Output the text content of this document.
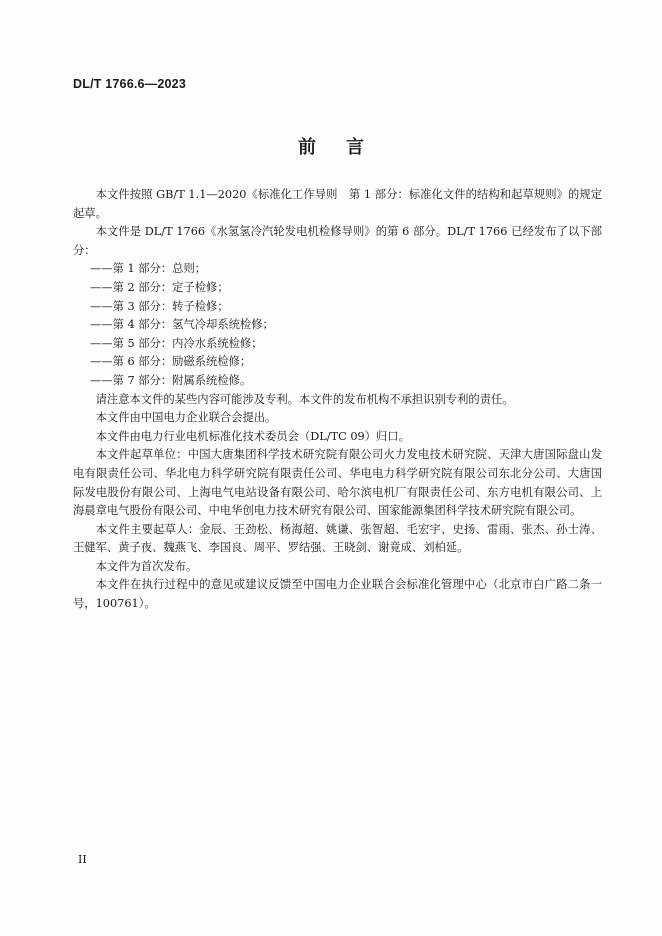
DL/T 1766.6—2023
前言

本文件按照 GB/T 1.1—2020《标准化工作导则　第 1 部分：标准化文件的结构和起草规则》的规定起草。

本文件是 DL/T 1766《水氢氢冷汽轮发电机检修导则》的第 6 部分。DL/T 1766 已经发布了以下部分：

——第 1 部分：总则；

——第 2 部分：定子检修；

——第 3 部分：转子检修；

——第 4 部分：氢气冷却系统检修；

——第 5 部分：内冷水系统检修；

——第 6 部分：励磁系统检修；

——第 7 部分：附属系统检修。

请注意本文件的某些内容可能涉及专利。本文件的发布机构不承担识别专利的责任。

本文件由中国电力企业联合会提出。

本文件由电力行业电机标准化技术委员会（DL/TC 09）归口。

本文件起草单位：中国大唐集团科学技术研究院有限公司火力发电技术研究院、天津大唐国际盘山发电有限责任公司、华北电力科学研究院有限责任公司、华电电力科学研究院有限公司东北分公司、大唐国际发电股份有限公司、上海电气电站设备有限公司、哈尔滨电机厂有限责任公司、东方电机有限公司、上海晨章电气股份有限公司、中电华创电力技术研究有限公司、国家能源集团科学技术研究院有限公司。

本文件主要起草人：金辰、王劲松、杨海超、姚谦、张智超、毛宏宇、史扬、雷雨、张杰、孙士涛、王健军、黄子夜、魏燕飞、李国良、周平、罗结强、王晓剑、谢竟成、刘柏延。

本文件为首次发布。

本文件在执行过程中的意见或建议反馈至中国电力企业联合会标准化管理中心（北京市白广路二条一号，100761）。

II
